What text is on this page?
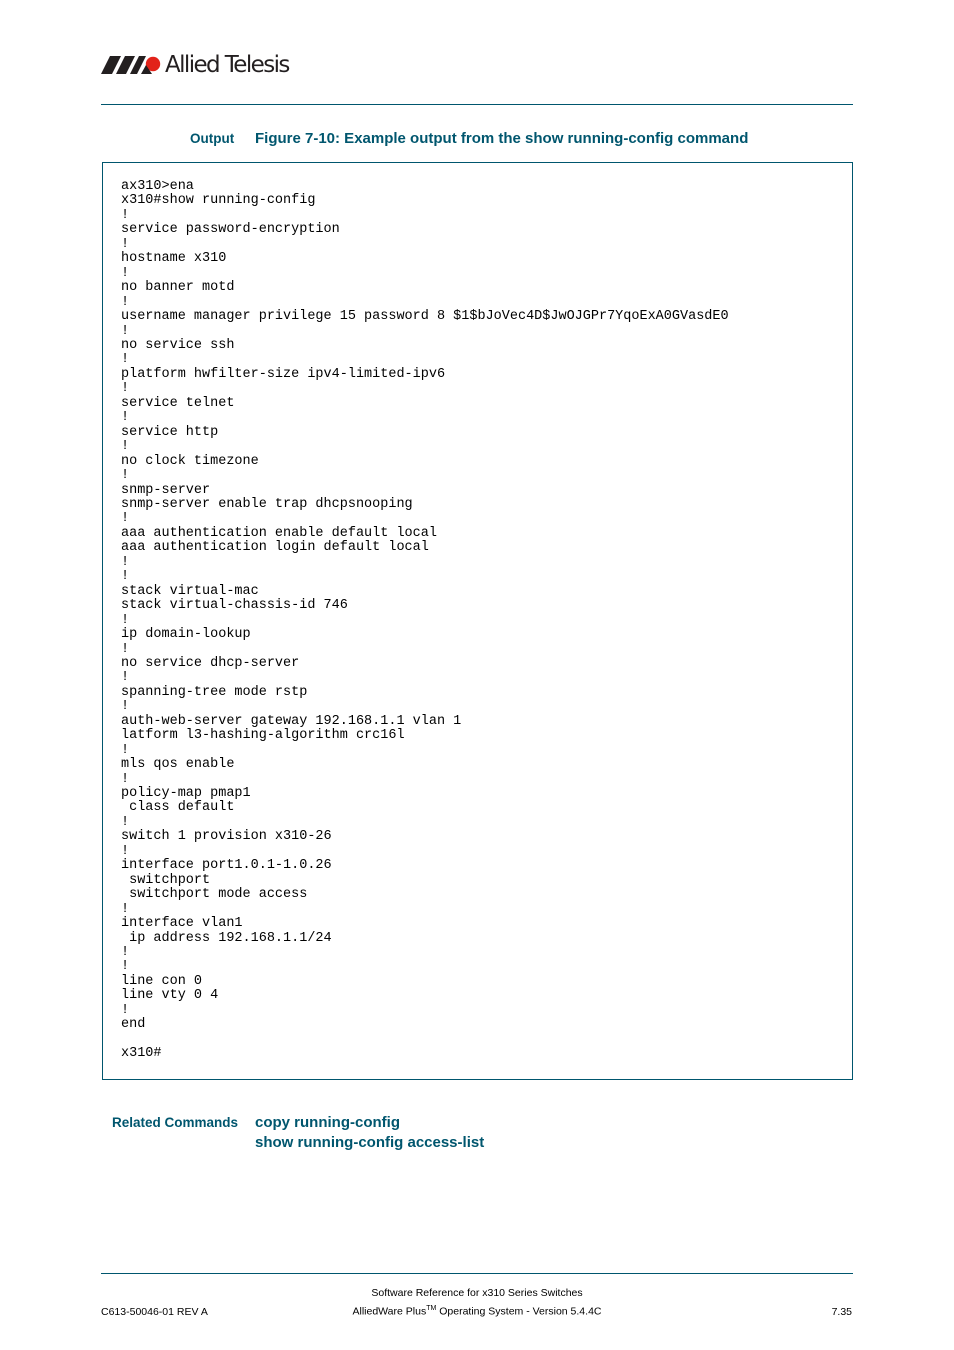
Allied Telesis
Output Figure 7-10: Example output from the show running-config command
ax310>ena
x310#show running-config
!
service password-encryption
!
hostname x310
!
no banner motd
!
username manager privilege 15 password 8 $1$bJoVec4D$JwOJGPr7YqoExA0GVasdE0
!
no service ssh
!
platform hwfilter-size ipv4-limited-ipv6
!
service telnet
!
service http
!
no clock timezone
!
snmp-server
snmp-server enable trap dhcpsnooping
!
aaa authentication enable default local
aaa authentication login default local
!
!
stack virtual-mac
stack virtual-chassis-id 746
!
ip domain-lookup
!
no service dhcp-server
!
spanning-tree mode rstp
!
auth-web-server gateway 192.168.1.1 vlan 1
latform l3-hashing-algorithm crc16l
!
mls qos enable
!
policy-map pmap1
class default
!
switch 1 provision x310-26
!
interface port1.0.1-1.0.26
switchport
switchport mode access
!
interface vlan1
ip address 192.168.1.1/24
!
!
line con 0
line vty 0 4
!
end

x310#
Related Commands copy running-config
show running-config access-list
Software Reference for x310 Series Switches
C613-50046-01 REV A	AlliedWare Plus™ Operating System - Version 5.4.4C	7.35
